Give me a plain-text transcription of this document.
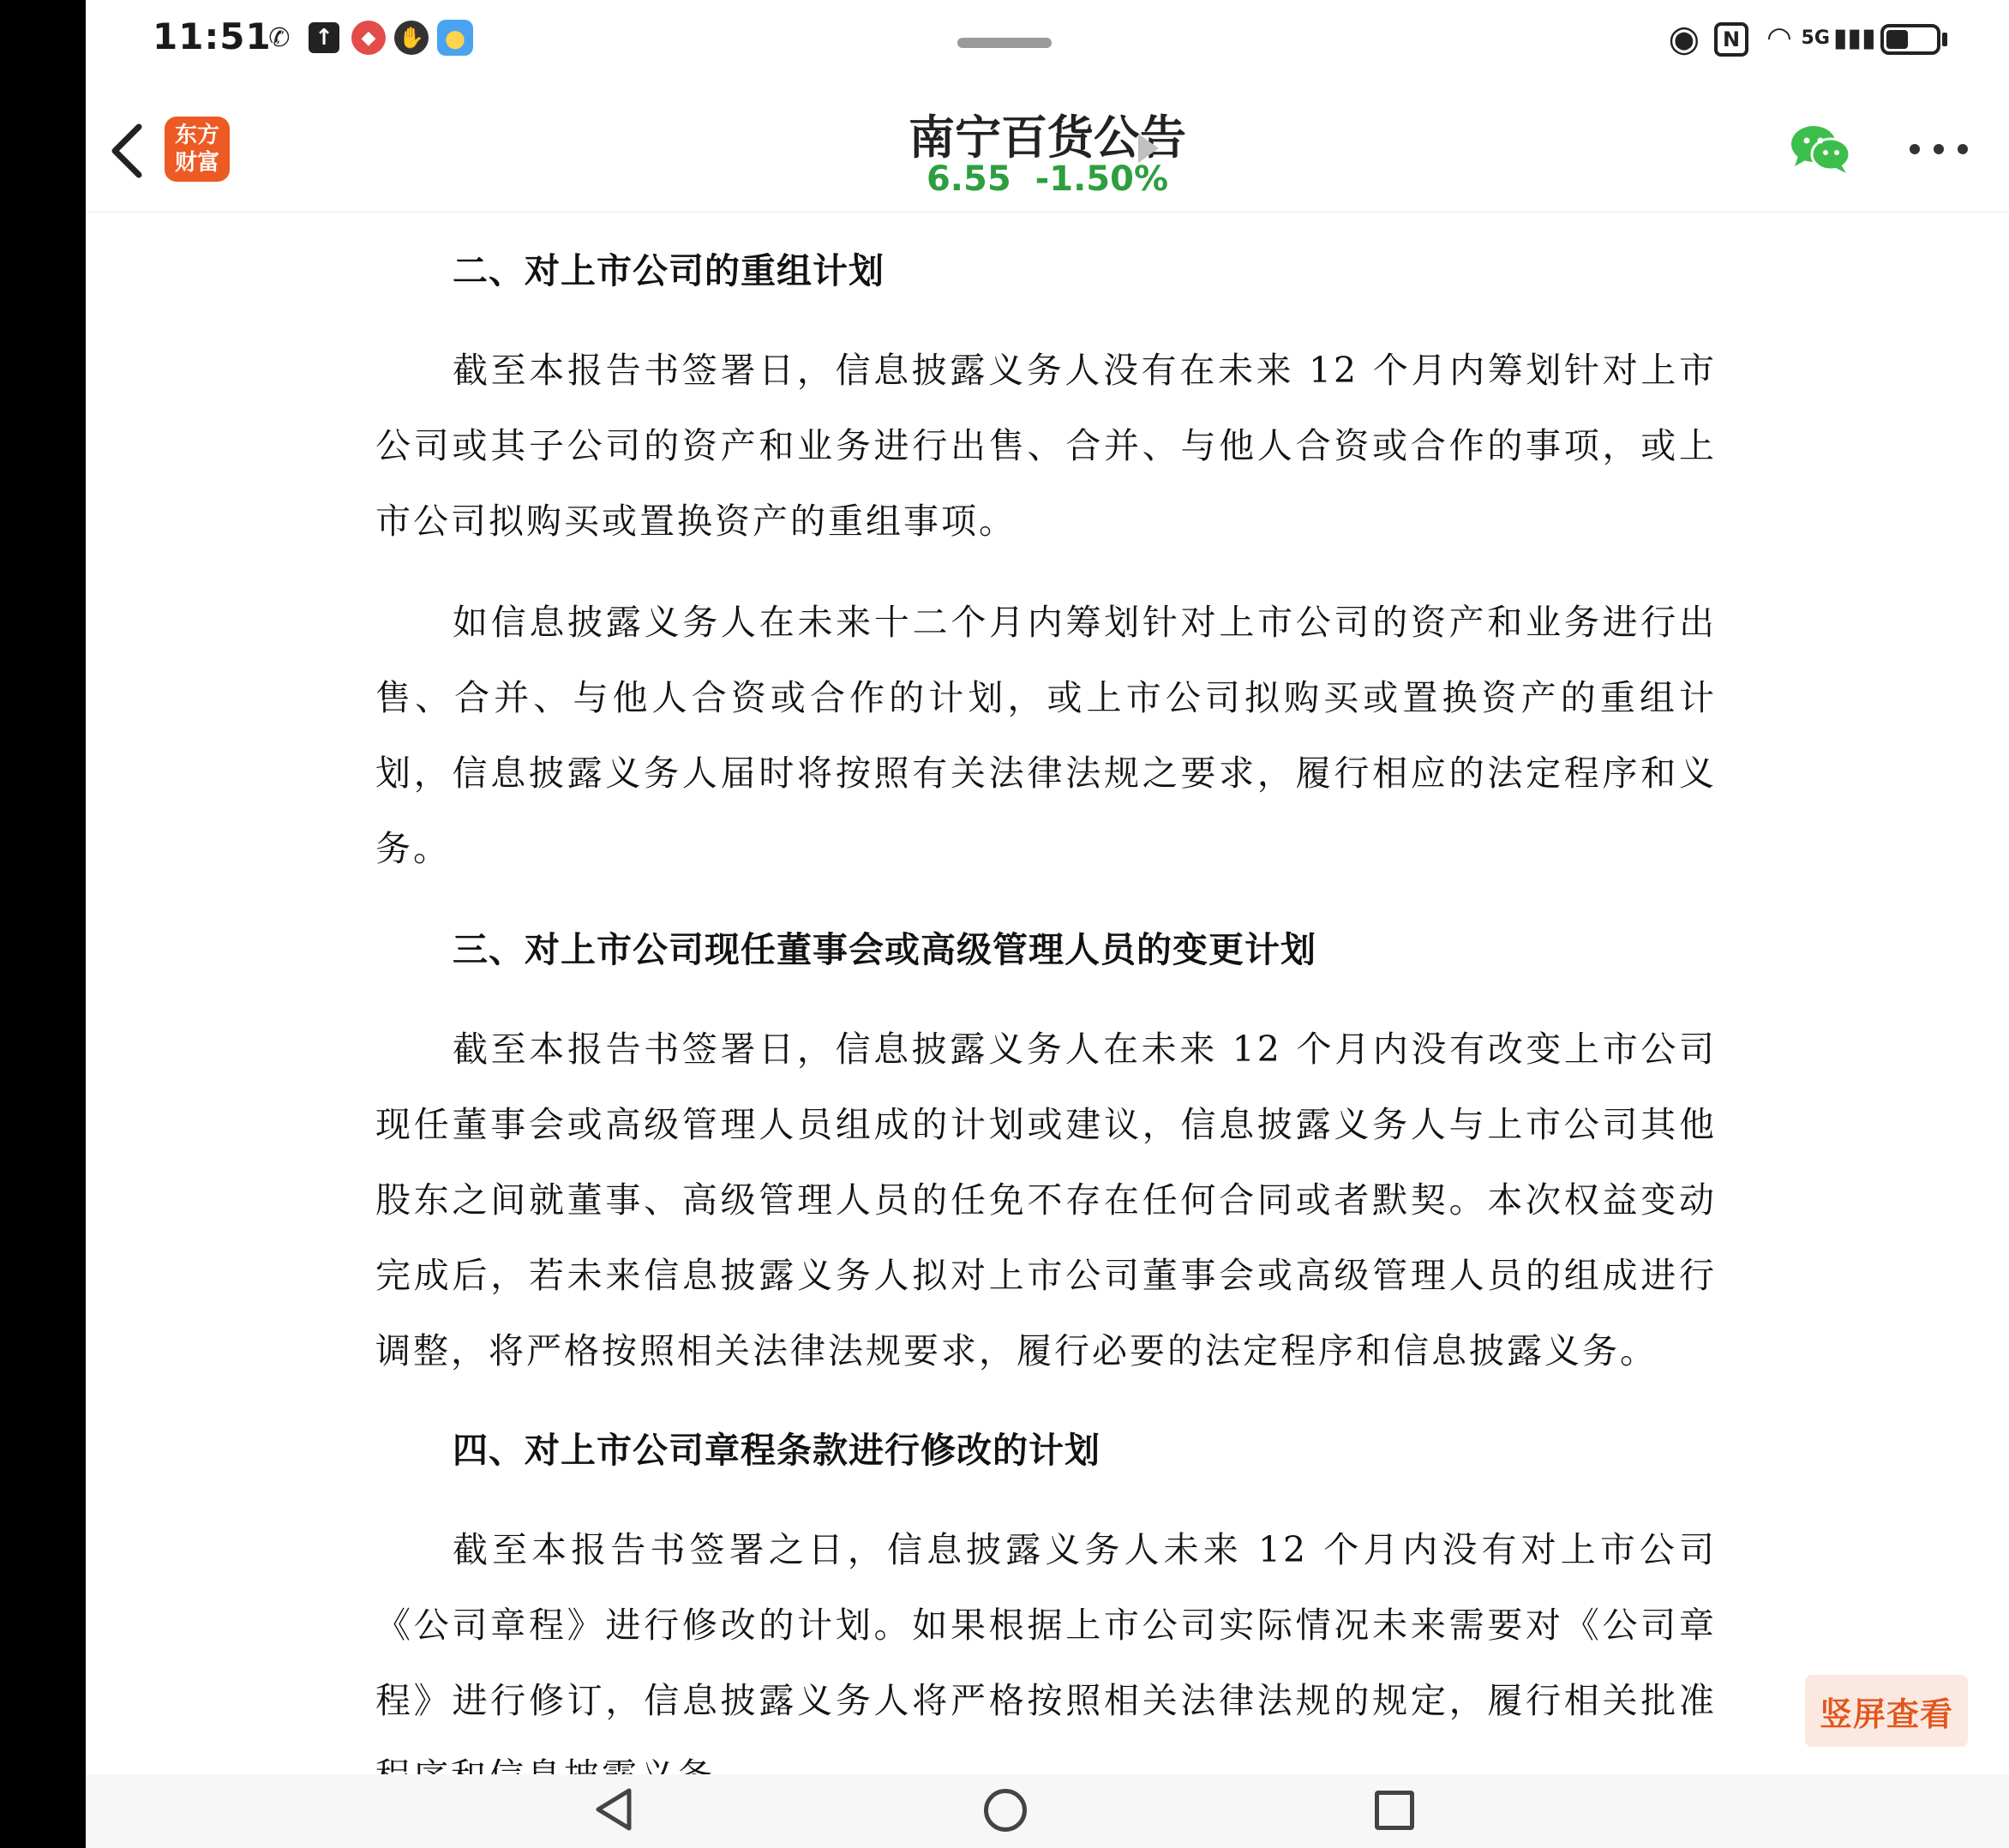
11:51
✆ ↑	◆	✋ ●	◉	N ◠ 5G ▮▮▮
东方
财富	南宁百货公告
6.55 -1.50%
二、对上市公司的重组计划

截至本报告书签署日，信息披露义务人没有在未来 12 个月内筹划针对上市公司或其子公司的资产和业务进行出售、合并、与他人合资或合作的事项，或上市公司拟购买或置换资产的重组事项。

如信息披露义务人在未来十二个月内筹划针对上市公司的资产和业务进行出售、合并、与他人合资或合作的计划，或上市公司拟购买或置换资产的重组计划，信息披露义务人届时将按照有关法律法规之要求，履行相应的法定程序和义务。

三、对上市公司现任董事会或高级管理人员的变更计划

截至本报告书签署日，信息披露义务人在未来 12 个月内没有改变上市公司现任董事会或高级管理人员组成的计划或建议，信息披露义务人与上市公司其他股东之间就董事、高级管理人员的任免不存在任何合同或者默契。本次权益变动完成后，若未来信息披露义务人拟对上市公司董事会或高级管理人员的组成进行调整，将严格按照相关法律法规要求，履行必要的法定程序和信息披露义务。

四、对上市公司章程条款进行修改的计划

截至本报告书签署之日，信息披露义务人未来 12 个月内没有对上市公司《公司章程》进行修改的计划。如果根据上市公司实际情况未来需要对《公司章程》进行修订，信息披露义务人将严格按照相关法律法规的规定，履行相关批准	竖屏查看
